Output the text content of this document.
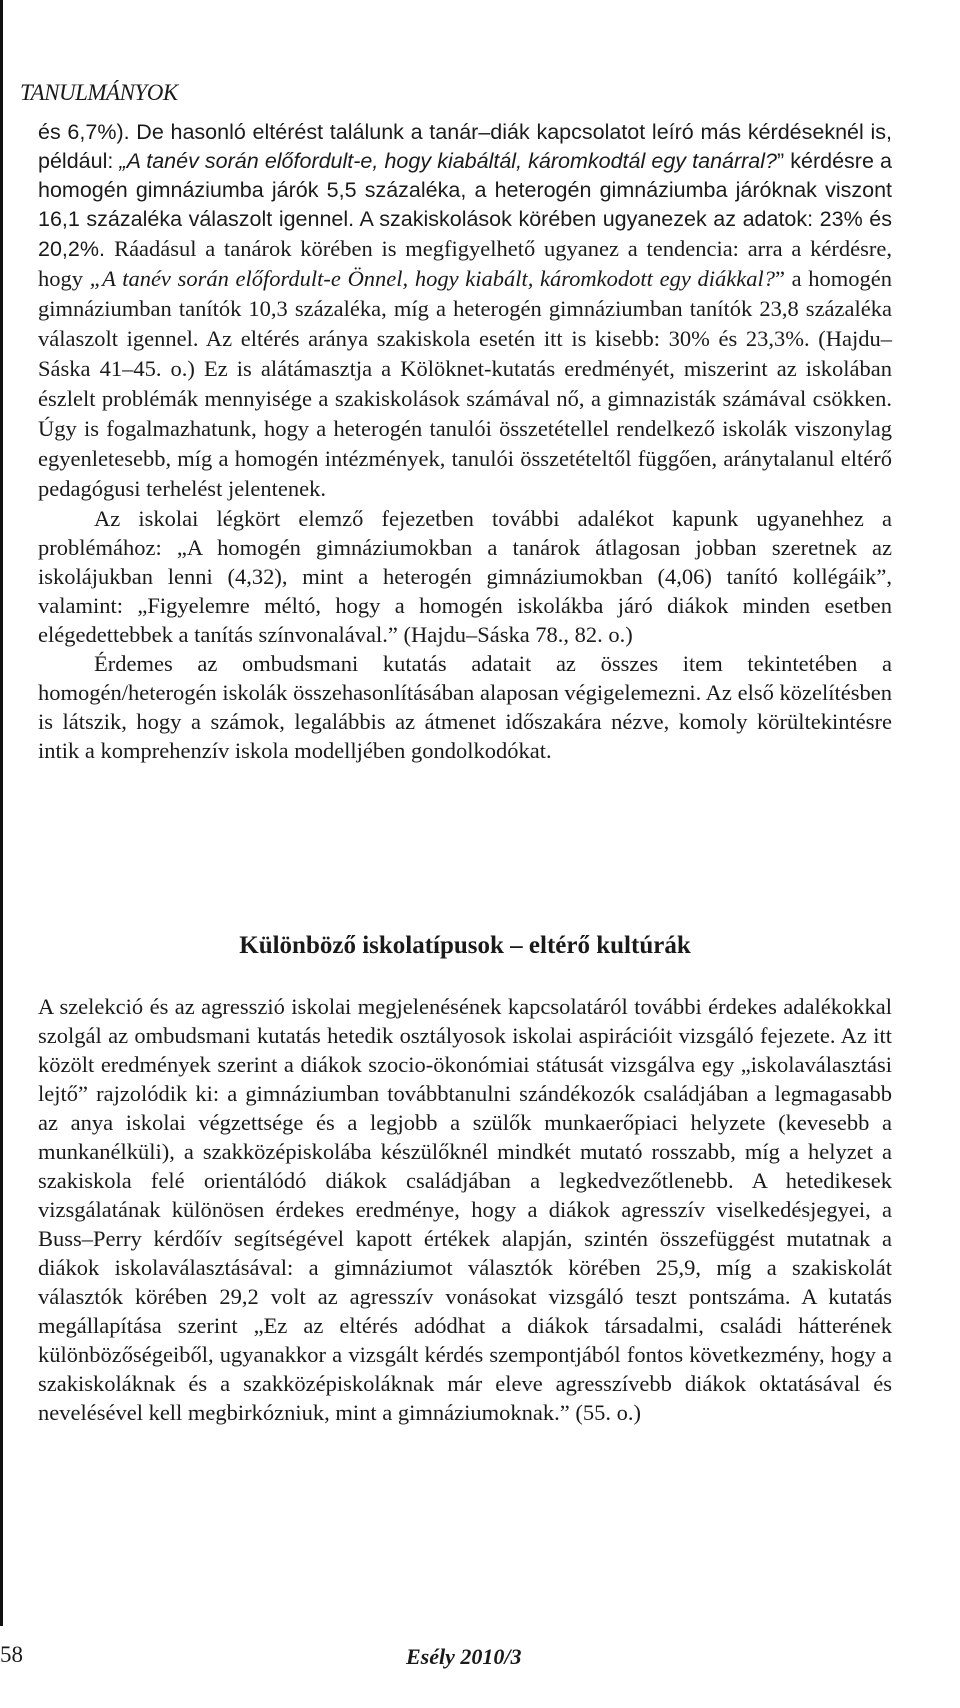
TANULMÁNYOK

és 6,7%). De hasonló eltérést találunk a tanár–diák kapcsolatot leíró más kérdéseknél is, például: „A tanév során előfordult-e, hogy kiabáltál, káromkodtál egy tanárral?” kérdésre a homogén gimnáziumba járók 5,5 százaléka, a heterogén gimnáziumba járóknak viszont 16,1 százaléka válaszolt igennel. A szakiskolások körében ugyanezek az adatok: 23% és 20,2%. Ráadásul a tanárok körében is megfigyelhető ugyanez a tendencia: arra a kérdésre, hogy „A tanév során előfordult-e Önnel, hogy kiabált, káromkodott egy diákkal?” a homogén gimnáziumban tanítók 10,3 százaléka, míg a heterogén gimnáziumban tanítók 23,8 százaléka válaszolt igennel. Az eltérés aránya szakiskola esetén itt is kisebb: 30% és 23,3%. (Hajdu–Sáska 41–45. o.) Ez is alátámasztja a Kölöknet-kutatás eredményét, miszerint az iskolában észlelt problémák mennyisége a szakiskolások számával nő, a gimnazisták számával csökken. Úgy is fogalmazhatunk, hogy a heterogén tanulói összetétellel rendelkező iskolák viszonylag egyenletesebb, míg a homogén intézmények, tanulói összetételtől függően, aránytalanul eltérő pedagógusi terhelést jelentenek.

Az iskolai légkört elemző fejezetben további adalékot kapunk ugyanehhez a problémához: „A homogén gimnáziumokban a tanárok átlagosan jobban szeretnek az iskolájukban lenni (4,32), mint a heterogén gimnáziumokban (4,06) tanító kollégáik”, valamint: „Figyelemre méltó, hogy a homogén iskolákba járó diákok minden esetben elégedettebbek a tanítás színvonalával.” (Hajdu–Sáska 78., 82. o.)

Érdemes az ombudsmani kutatás adatait az összes item tekintetében a homogén/heterogén iskolák összehasonlításában alaposan végigelemezni. Az első közelítésben is látszik, hogy a számok, legalábbis az átmenet időszakára nézve, komoly körültekintésre intik a komprehenzív iskola modelljében gondolkodókat.

Különböző iskolatípusok – eltérő kultúrák

A szelekció és az agresszió iskolai megjelenésének kapcsolatáról további érdekes adalékokkal szolgál az ombudsmani kutatás hetedik osztályosok iskolai aspirációit vizsgáló fejezete. Az itt közölt eredmények szerint a diákok szocio-ökonómiai státusát vizsgálva egy „iskolaválasztási lejtő” rajzolódik ki: a gimnáziumban továbbtanulni szándékozók családjában a legmagasabb az anya iskolai végzettsége és a legjobb a szülők munkaerőpiaci helyzete (kevesebb a munkanélküli), a szakközépiskolába készülőknél mindkét mutató rosszabb, míg a helyzet a szakiskola felé orientálódó diákok családjában a legkedvezőtlenebb. A hetedikesek vizsgálatának különösen érdekes eredménye, hogy a diákok agresszív viselkedésjegyei, a Buss–Perry kérdőív segítségével kapott értékek alapján, szintén összefüggést mutatnak a diákok iskolaválasztásával: a gimnáziumot választók körében 25,9, míg a szakiskolát választók körében 29,2 volt az agresszív vonásokat vizsgáló teszt pontszáma. A kutatás megállapítása szerint „Ez az eltérés adódhat a diákok társadalmi, családi hátterének különbözőségeiből, ugyanakkor a vizsgált kérdés szempontjából fontos következmény, hogy a szakiskoláknak és a szakközépiskoláknak már eleve agresszívebb diákok oktatásával és nevelésével kell megbirkózniuk, mint a gimnáziumoknak.” (55. o.)

58	Esély 2010/3
